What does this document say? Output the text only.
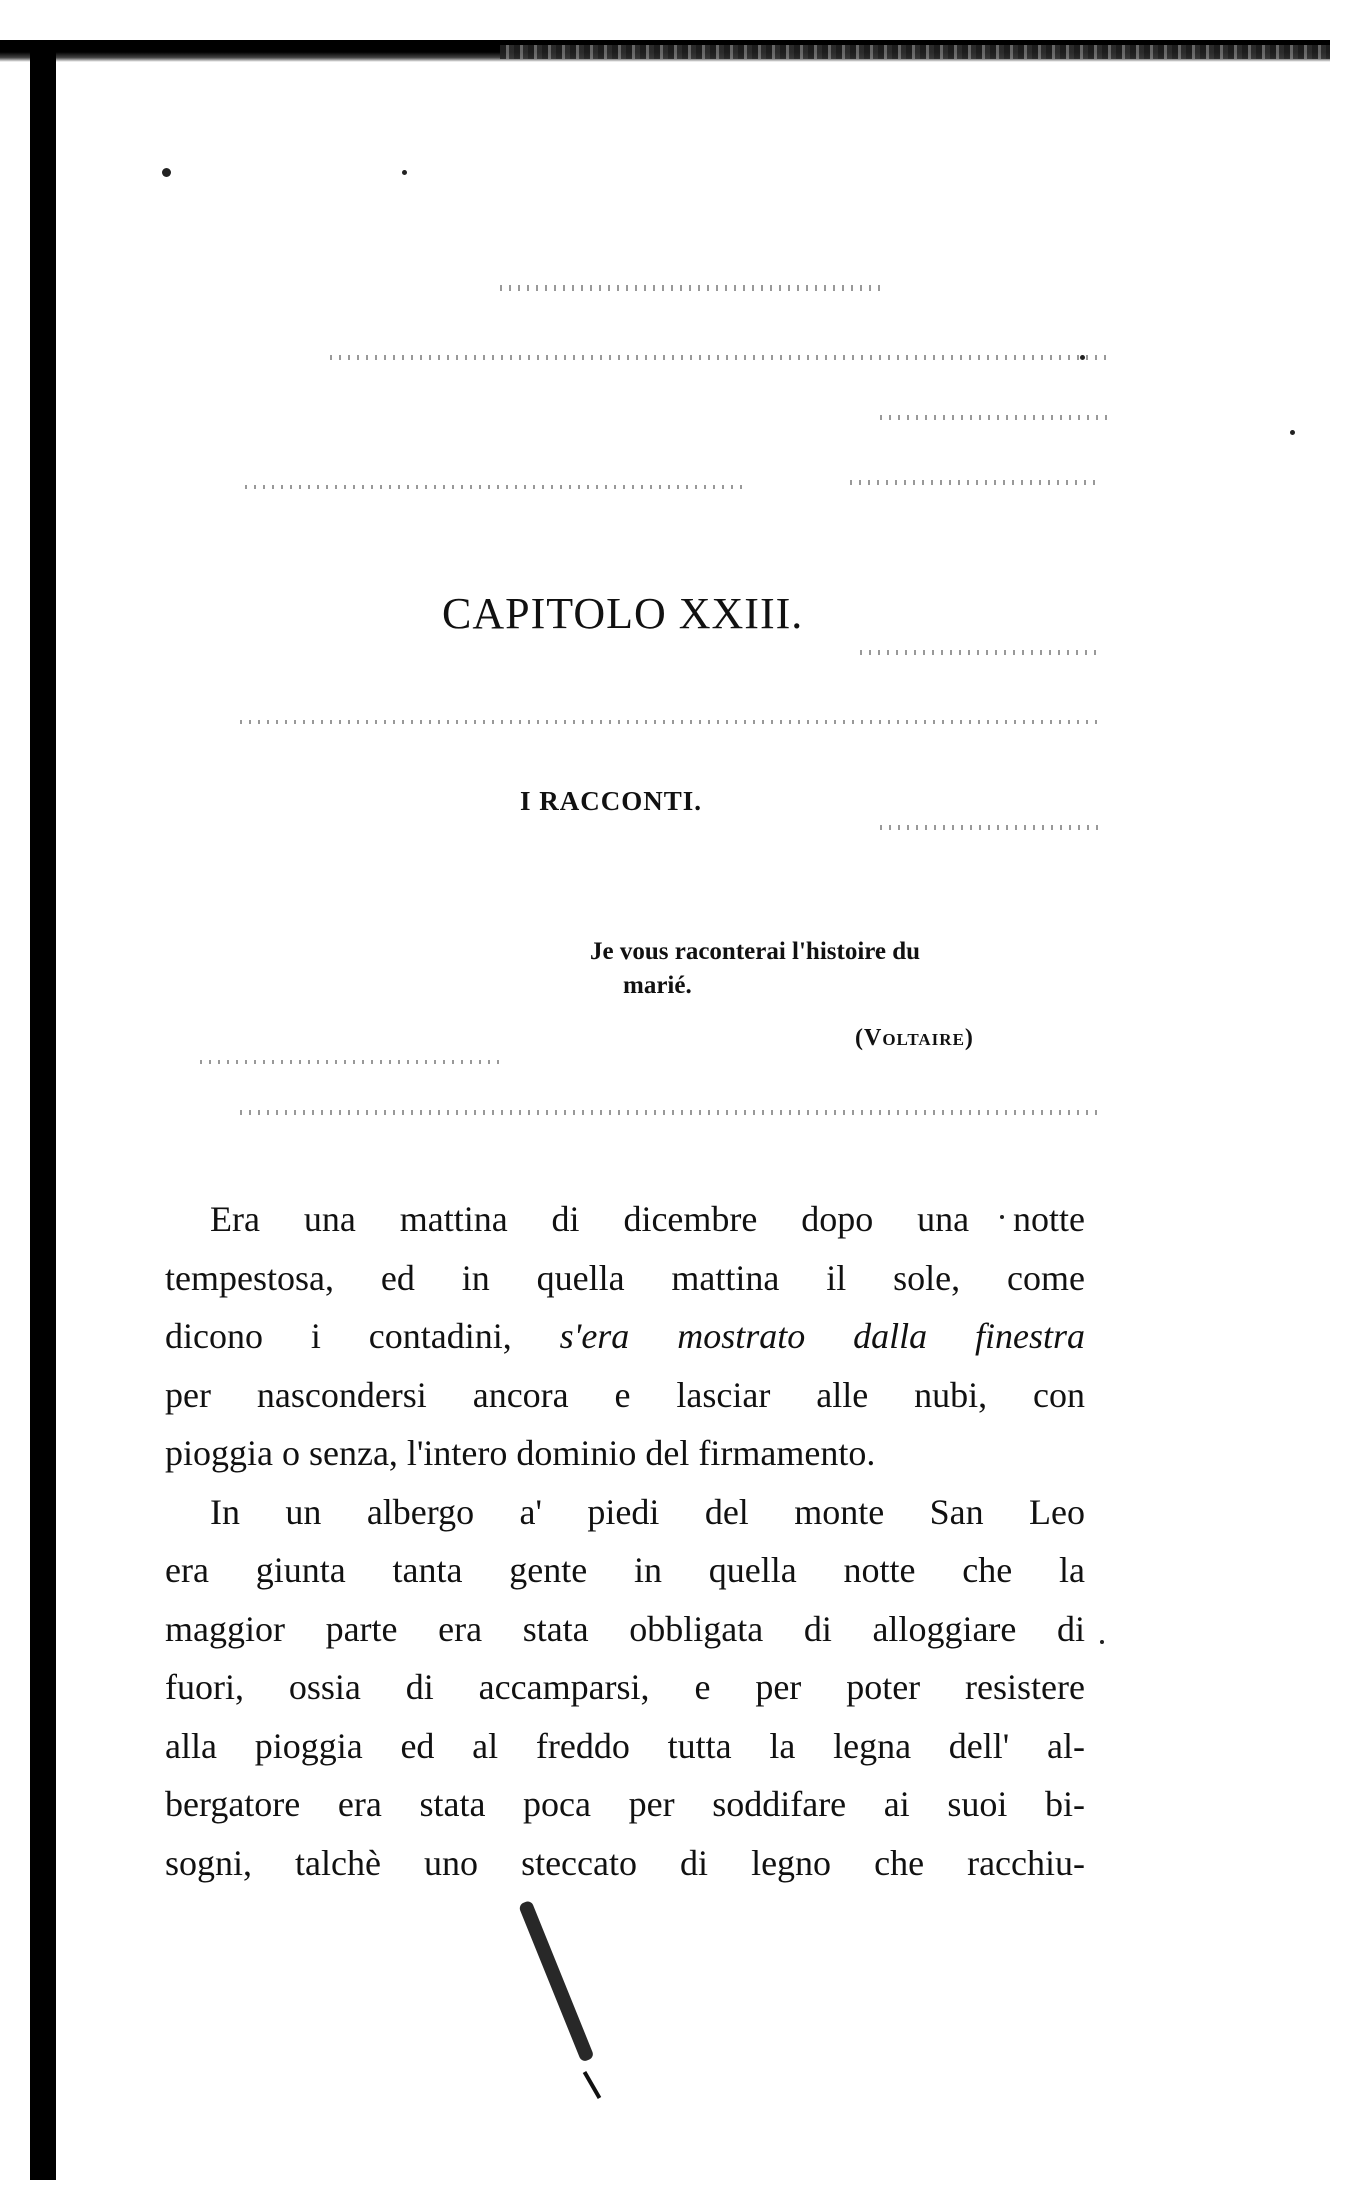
CAPITOLO XXIII.
I RACCONTI.
Je vous raconterai l'histoire du
marié.
(Voltaire)
Era una mattina di dicembre dopo una notte
tempestosa, ed in quella mattina il sole, come
dicono i contadini, s'era mostrato dalla finestra
per nascondersi ancora e lasciar alle nubi, con
pioggia o senza, l'intero dominio del firmamento.
In un albergo a' piedi del monte San Leo
era giunta tanta gente in quella notte che la
maggior parte era stata obbligata di alloggiare di
fuori, ossia di accamparsi, e per poter resistere
alla pioggia ed al freddo tutta la legna dell' al-
bergatore era stata poca per soddifare ai suoi bi-
sogni, talchè uno steccato di legno che racchiu-
